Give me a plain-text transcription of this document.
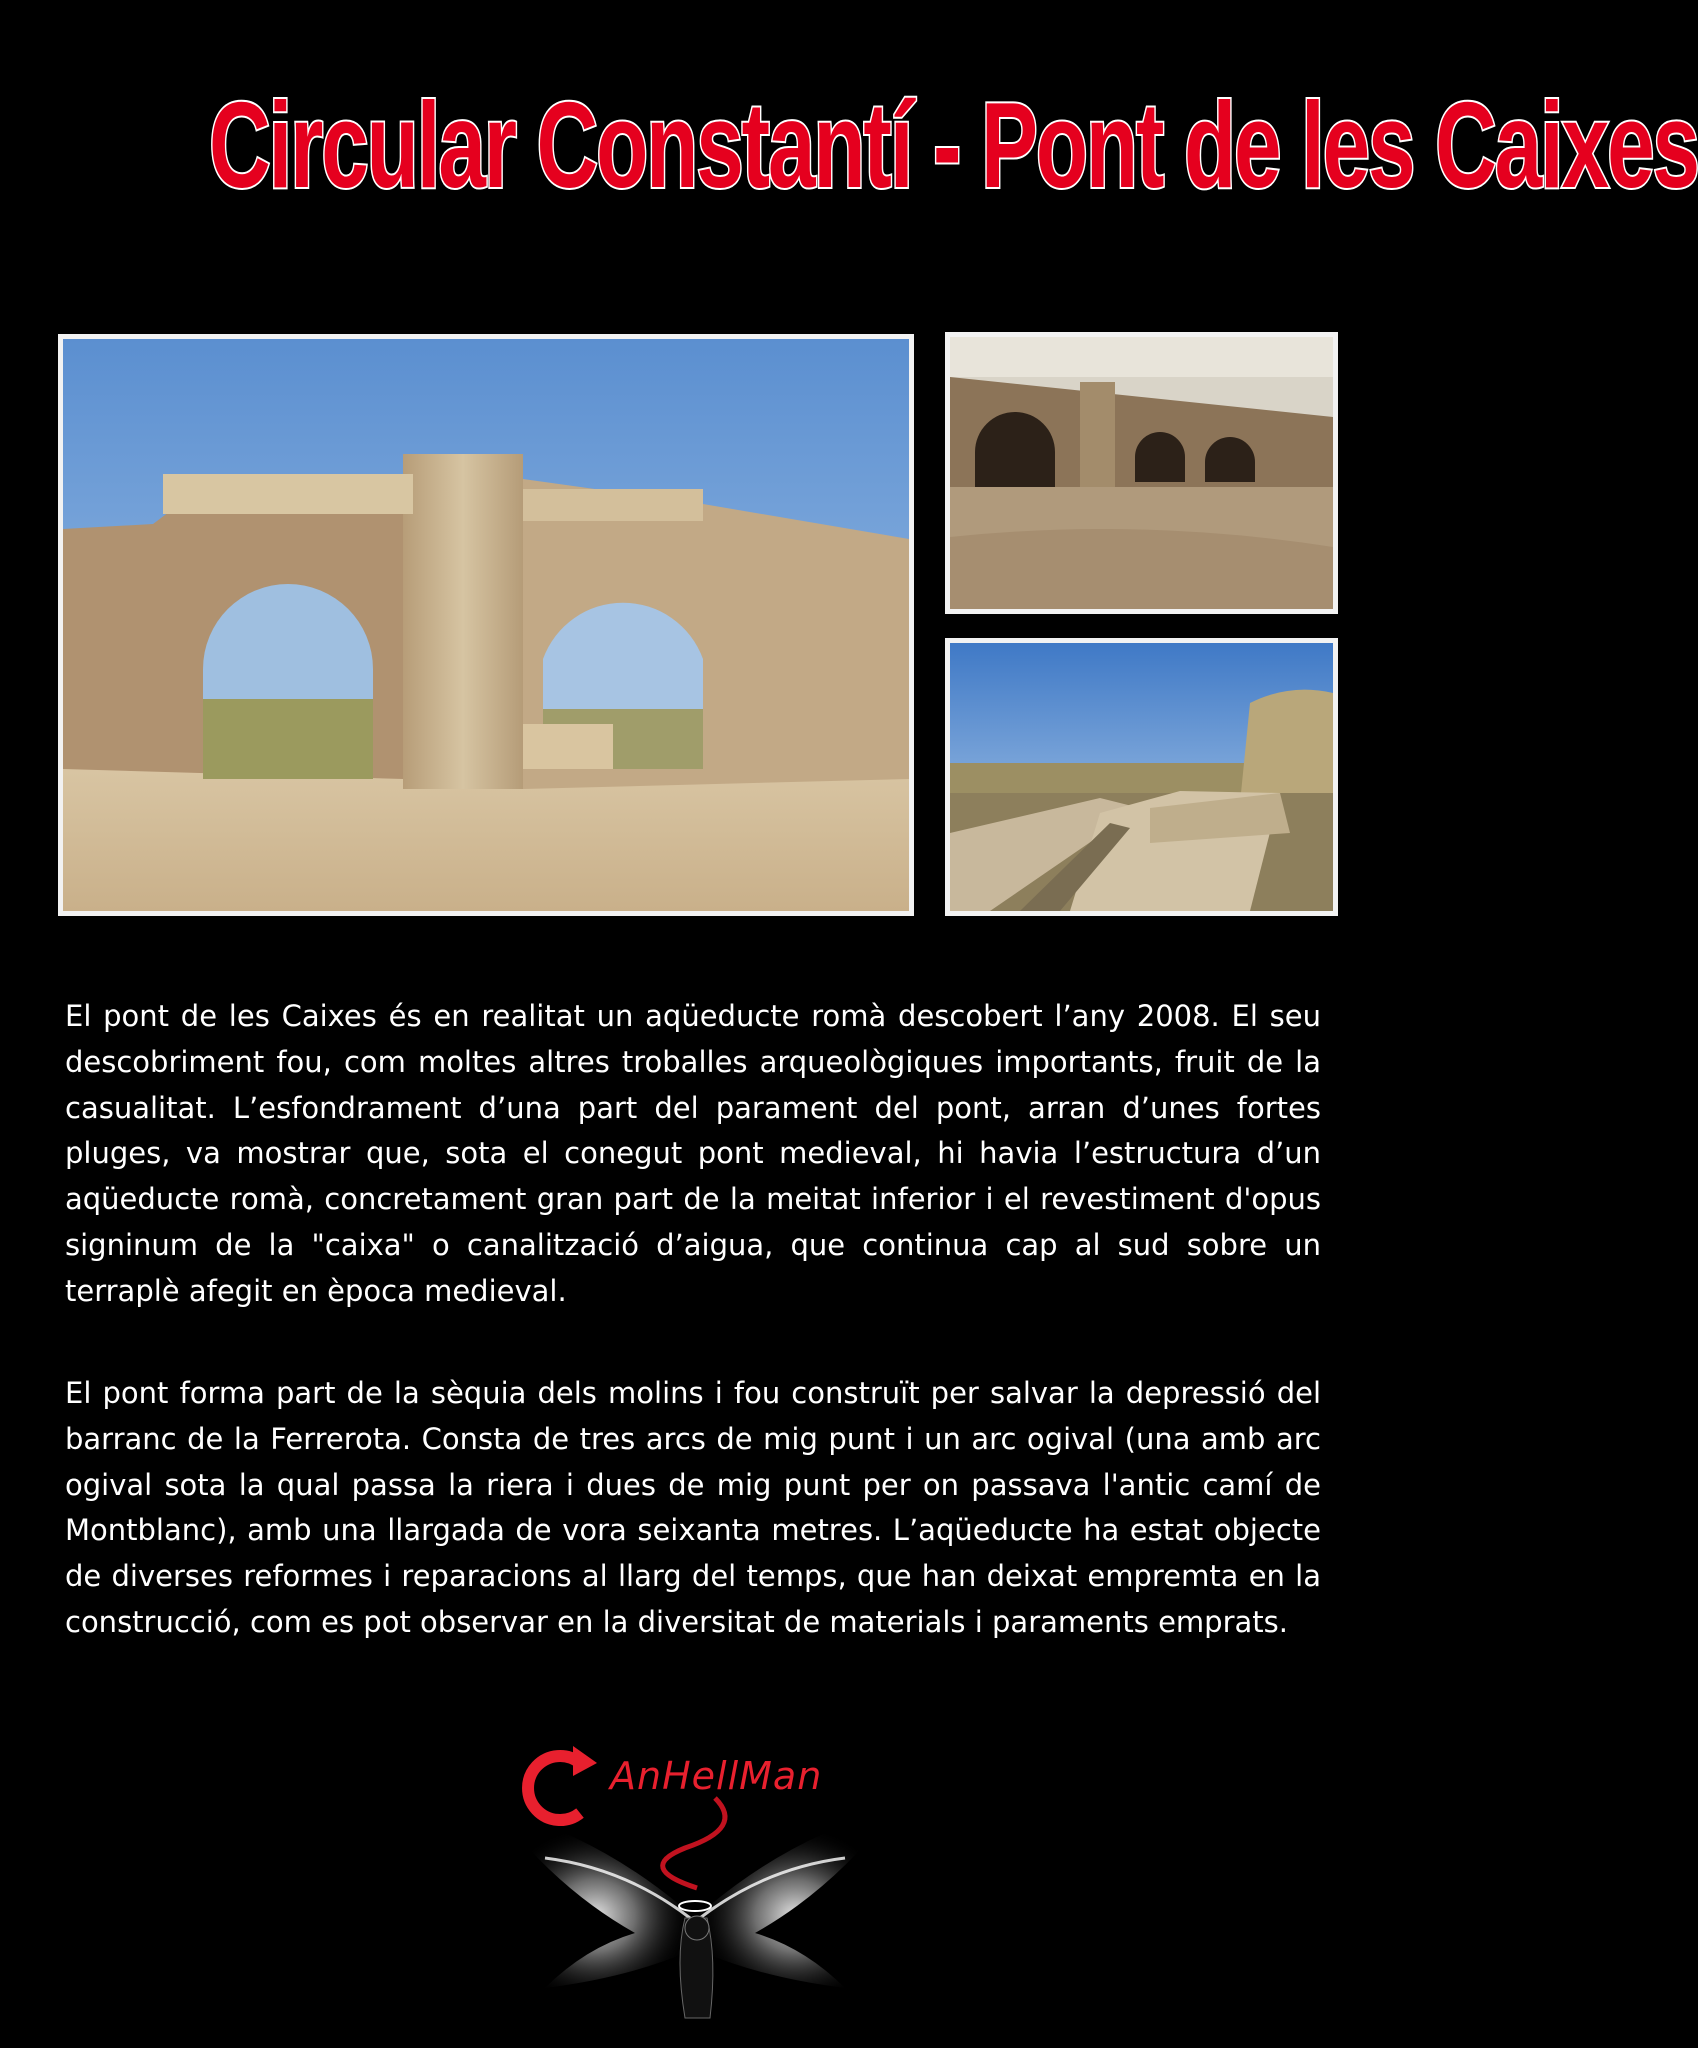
Circular Constantí - Pont de les Caixes
El pont de les Caixes és en realitat un aqüeducte romà descobert l’any 2008. El seu descobriment fou, com moltes altres troballes arqueològiques importants, fruit de la casualitat. L’esfondrament d’una part del parament del pont, arran d’unes fortes pluges, va mostrar que, sota el conegut pont medieval, hi havia l’estructura d’un aqüeducte romà, concretament gran part de la meitat inferior i el revestiment d'opus signinum de la "caixa" o canalització d’aigua, que continua cap al sud sobre un terraplè afegit en època medieval.
El pont forma part de la sèquia dels molins i fou construït per salvar la depressió del barranc de la Ferrerota. Consta de tres arcs de mig punt i un arc ogival (una amb arc ogival sota la qual passa la riera i dues de mig punt per on passava l'antic camí de Montblanc), amb una llargada de vora seixanta metres. L’aqüeducte ha estat objecte de diverses reformes i reparacions al llarg del temps, que han deixat empremta en la construcció, com es pot observar en la diversitat de materials i paraments emprats.
AnHellMan
